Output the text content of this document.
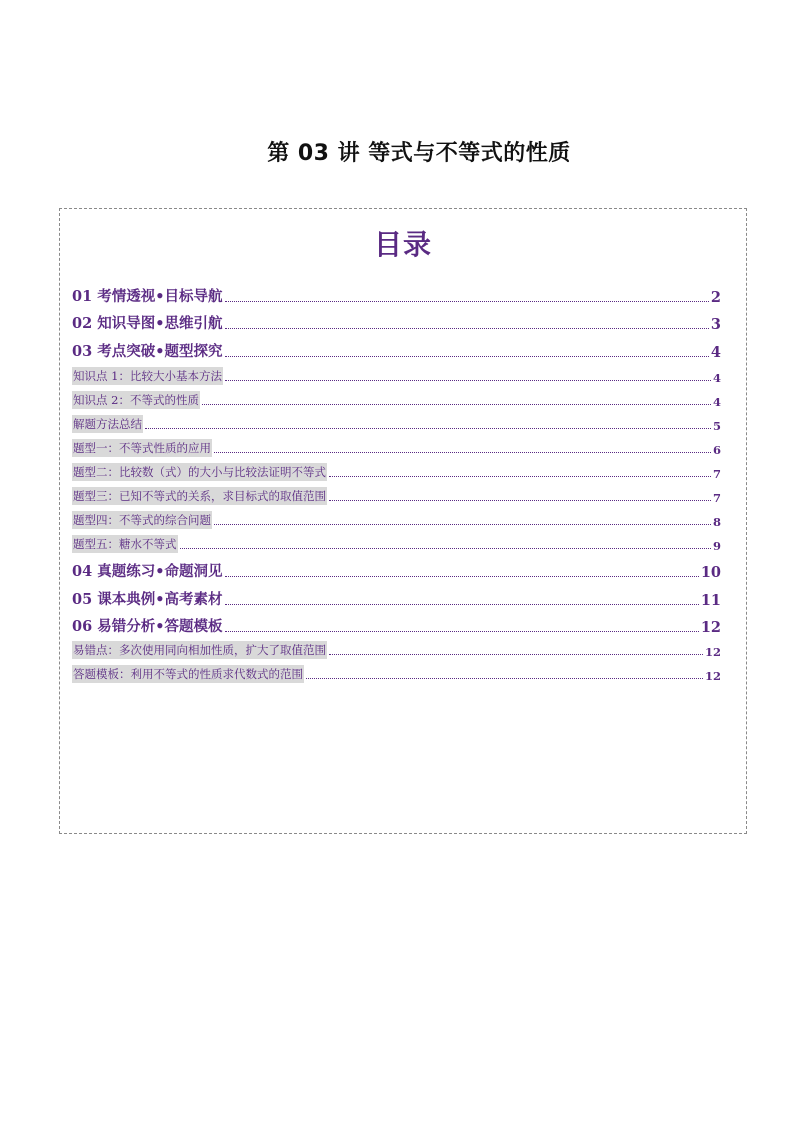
第 03 讲 等式与不等式的性质
目录
01 考情透视•目标导航	2
02 知识导图•思维引航	3
03 考点突破•题型探究	4
知识点 1：比较大小基本方法	4
知识点 2：不等式的性质	4
解题方法总结	5
题型一：不等式性质的应用	6
题型二：比较数（式）的大小与比较法证明不等式	7
题型三：已知不等式的关系，求目标式的取值范围	7
题型四：不等式的综合问题	8
题型五：糖水不等式	9
04 真题练习•命题洞见	10
05 课本典例•高考素材	11
06 易错分析•答题模板	12
易错点：多次使用同向相加性质，扩大了取值范围	12
答题模板：利用不等式的性质求代数式的范围	12
